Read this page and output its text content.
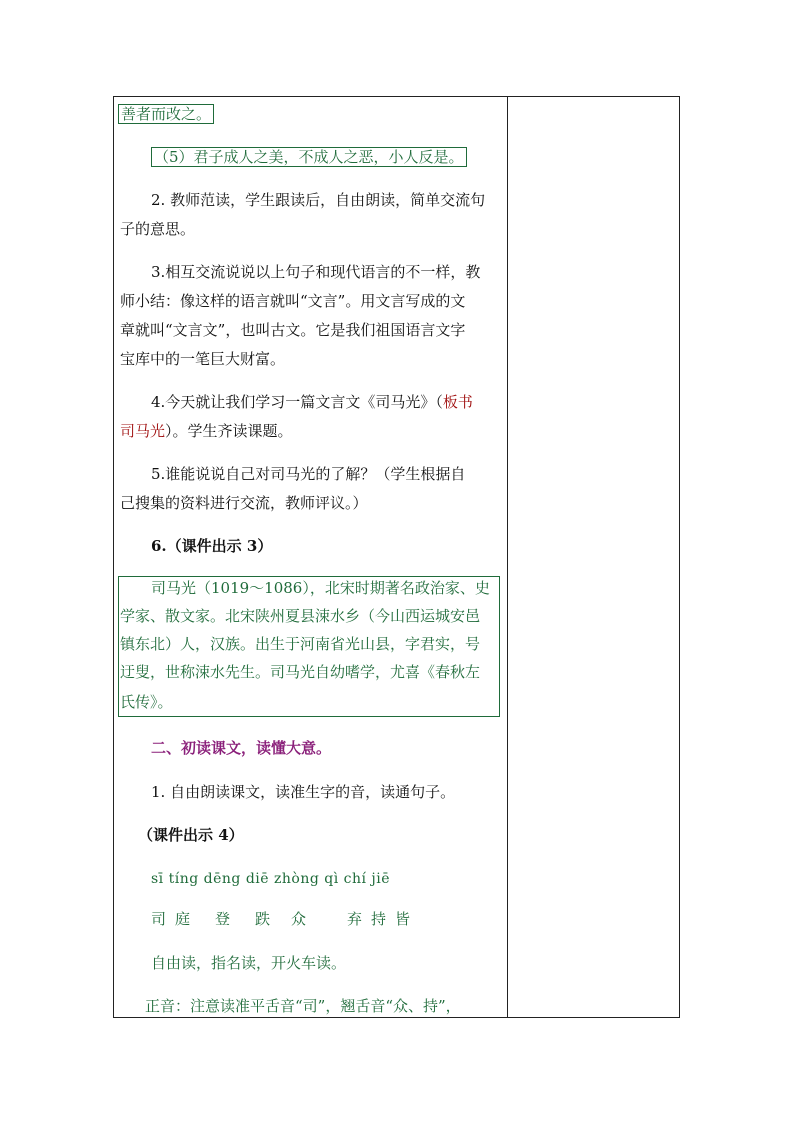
善者而改之。
（5）君子成人之美，不成人之恶，小人反是。
2. 教师范读，学生跟读后，自由朗读，简单交流句
子的意思。
3.相互交流说说以上句子和现代语言的不一样，教
师小结：像这样的语言就叫“文言”。用文言写成的文
章就叫“文言文”，也叫古文。它是我们祖国语言文字
宝库中的一笔巨大财富。
4.今天就让我们学习一篇文言文《司马光》（板书
司马光）。学生齐读课题。
5.谁能说说自己对司马光的了解？（学生根据自
己搜集的资料进行交流，教师评议。）
6.（课件出示 3）
司马光（1019～1086），北宋时期著名政治家、史
学家、散文家。北宋陕州夏县涑水乡（今山西运城安邑
镇东北）人，汉族。出生于河南省光山县，字君实，号
迂叟，世称涑水先生。司马光自幼嗜学，尤喜《春秋左
氏传》。
二、初读课文，读懂大意。
1. 自由朗读课文，读准生字的音，读通句子。
（课件出示 4）
sī tíng dēng diē zhòng qì chí jiē
司 庭 登 跌 众	弃 持 皆
自由读，指名读，开火车读。
正音：注意读准平舌音“司”，翘舌音“众、持”，
